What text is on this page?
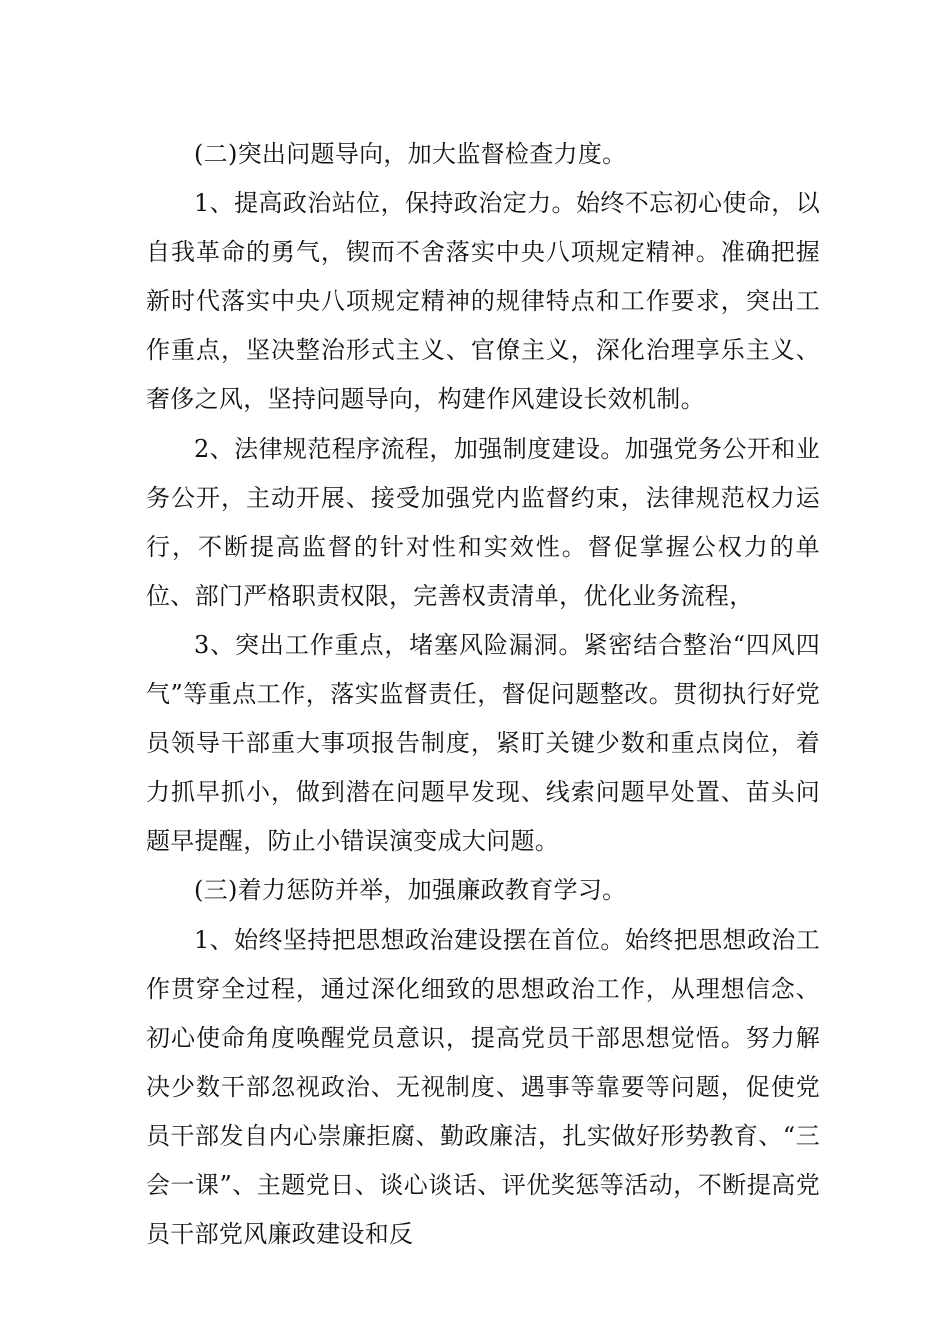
(二)突出问题导向，加大监督检查力度。

1、提高政治站位，保持政治定力。始终不忘初心使命，以自我革命的勇气，锲而不舍落实中央八项规定精神。准确把握新时代落实中央八项规定精神的规律特点和工作要求，突出工作重点，坚决整治形式主义、官僚主义，深化治理享乐主义、奢侈之风，坚持问题导向，构建作风建设长效机制。

2、法律规范程序流程，加强制度建设。加强党务公开和业务公开，主动开展、接受加强党内监督约束，法律规范权力运行，不断提高监督的针对性和实效性。督促掌握公权力的单位、部门严格职责权限，完善权责清单，优化业务流程，

3、突出工作重点，堵塞风险漏洞。紧密结合整治“四风四气”等重点工作，落实监督责任，督促问题整改。贯彻执行好党员领导干部重大事项报告制度，紧盯关键少数和重点岗位，着力抓早抓小，做到潜在问题早发现、线索问题早处置、苗头问题早提醒，防止小错误演变成大问题。

(三)着力惩防并举，加强廉政教育学习。

1、始终坚持把思想政治建设摆在首位。始终把思想政治工作贯穿全过程，通过深化细致的思想政治工作，从理想信念、初心使命角度唤醒党员意识，提高党员干部思想觉悟。努力解决少数干部忽视政治、无视制度、遇事等靠要等问题，促使党员干部发自内心崇廉拒腐、勤政廉洁，扎实做好形势教育、“三会一课”、主题党日、谈心谈话、评优奖惩等活动，不断提高党员干部党风廉政建设和反
